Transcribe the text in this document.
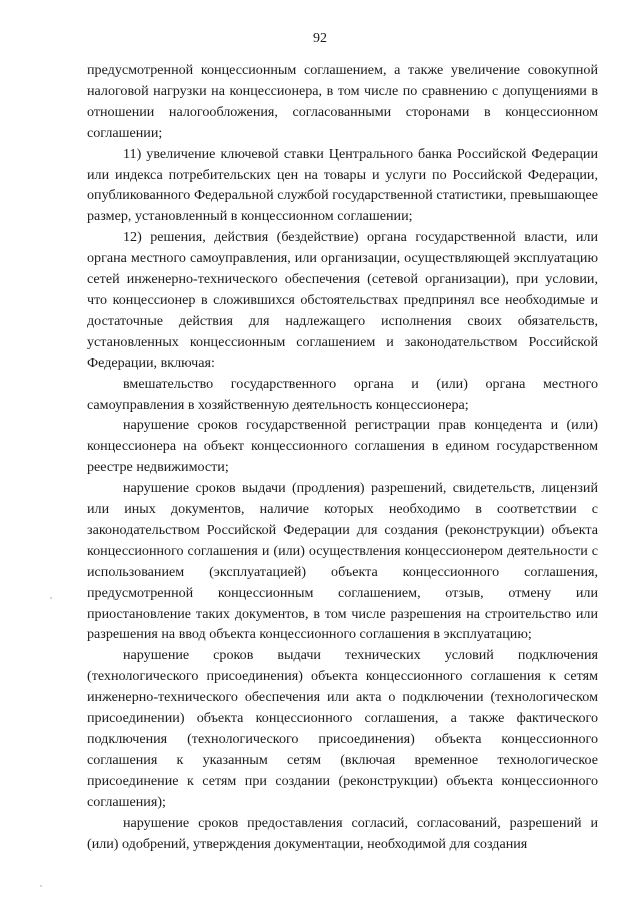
92

предусмотренной концессионным соглашением, а также увеличение совокупной налоговой нагрузки на концессионера, в том числе по сравнению с допущениями в отношении налогообложения, согласованными сторонами в концессионном соглашении;

11) увеличение ключевой ставки Центрального банка Российской Федерации или индекса потребительских цен на товары и услуги по Российской Федерации, опубликованного Федеральной службой государственной статистики, превышающее размер, установленный в концессионном соглашении;

12) решения, действия (бездействие) органа государственной власти, или органа местного самоуправления, или организации, осуществляющей эксплуатацию сетей инженерно-технического обеспечения (сетевой организации), при условии, что концессионер в сложившихся обстоятельствах предпринял все необходимые и достаточные действия для надлежащего исполнения своих обязательств, установленных концессионным соглашением и законодательством Российской Федерации, включая:

вмешательство государственного органа и (или) органа местного самоуправления в хозяйственную деятельность концессионера;

нарушение сроков государственной регистрации прав концедента и (или) концессионера на объект концессионного соглашения в едином государственном реестре недвижимости;

нарушение сроков выдачи (продления) разрешений, свидетельств, лицензий или иных документов, наличие которых необходимо в соответствии с законодательством Российской Федерации для создания (реконструкции) объекта концессионного соглашения и (или) осуществления концессионером деятельности с использованием (эксплуатацией) объекта концессионного соглашения, предусмотренной концессионным соглашением, отзыв, отмену или приостановление таких документов, в том числе разрешения на строительство или разрешения на ввод объекта концессионного соглашения в эксплуатацию;

нарушение сроков выдачи технических условий подключения (технологического присоединения) объекта концессионного соглашения к сетям инженерно-технического обеспечения или акта о подключении (технологическом присоединении) объекта концессионного соглашения, а также фактического подключения (технологического присоединения) объекта концессионного соглашения к указанным сетям (включая временное технологическое присоединение к сетям при создании (реконструкции) объекта концессионного соглашения);

нарушение сроков предоставления согласий, согласований, разрешений и (или) одобрений, утверждения документации, необходимой для создания
